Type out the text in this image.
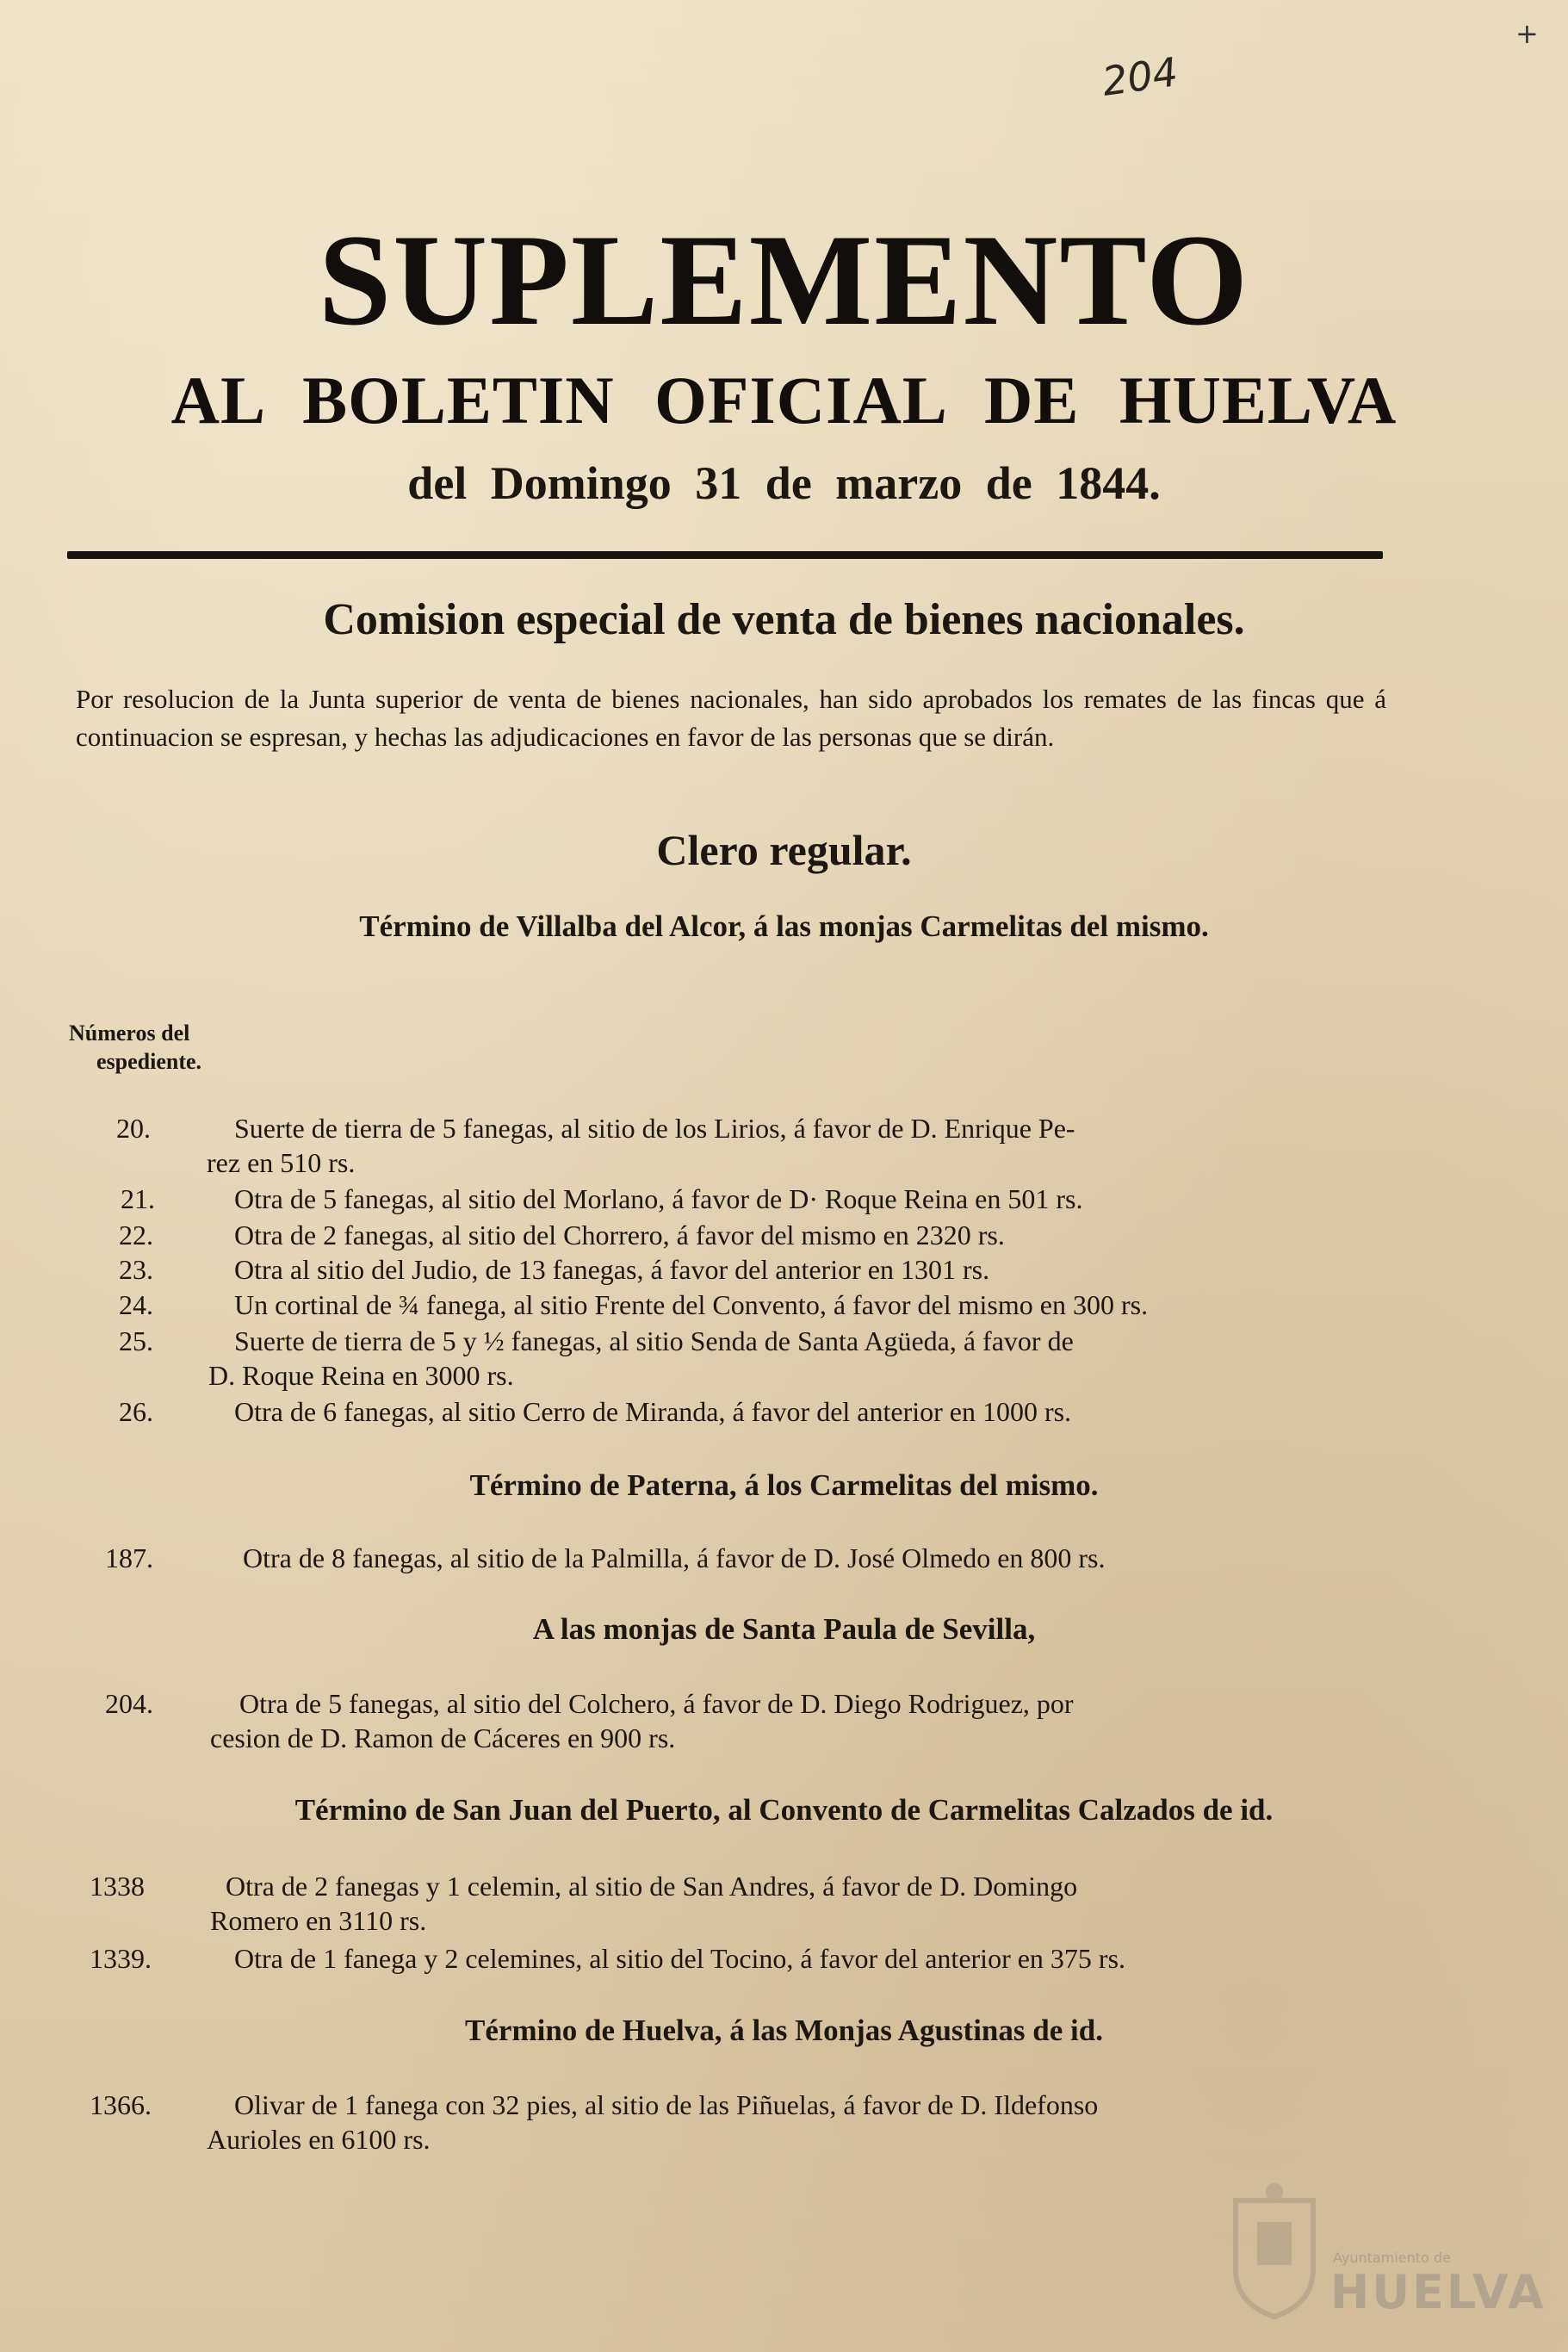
+
204
SUPLEMENTO
AL BOLETIN OFICIAL DE HUELVA
del Domingo 31 de marzo de 1844.
Comision especial de venta de bienes nacionales.
Por resolucion de la Junta superior de venta de bienes nacionales, han sido aprobados los remates de las fincas que á continuacion se espresan, y hechas las adjudicaciones en favor de las personas que se dirán.
Clero regular.
Término de Villalba del Alcor, á las monjas Carmelitas del mismo.
Números del
espediente.
20.	Suerte de tierra de 5 fanegas, al sitio de los Lirios, á favor de D. Enrique Pe-
rez en 510 rs.
21.	Otra de 5 fanegas, al sitio del Morlano, á favor de D· Roque Reina en 501 rs.
22.	Otra de 2 fanegas, al sitio del Chorrero, á favor del mismo en 2320 rs.
23.	Otra al sitio del Judio, de 13 fanegas, á favor del anterior en 1301 rs.
24.	Un cortinal de ¾ fanega, al sitio Frente del Convento, á favor del mismo en 300 rs.
25.	Suerte de tierra de 5 y ½ fanegas, al sitio Senda de Santa Agüeda, á favor de
D. Roque Reina en 3000 rs.
26.	Otra de 6 fanegas, al sitio Cerro de Miranda, á favor del anterior en 1000 rs.
Término de Paterna, á los Carmelitas del mismo.
187.	Otra de 8 fanegas, al sitio de la Palmilla, á favor de D. José Olmedo en 800 rs.
A las monjas de Santa Paula de Sevilla,
204.	Otra de 5 fanegas, al sitio del Colchero, á favor de D. Diego Rodriguez, por
cesion de D. Ramon de Cáceres en 900 rs.
Término de San Juan del Puerto, al Convento de Carmelitas Calzados de id.
1338	Otra de 2 fanegas y 1 celemin, al sitio de San Andres, á favor de D. Domingo
Romero en 3110 rs.
1339.	Otra de 1 fanega y 2 celemines, al sitio del Tocino, á favor del anterior en 375 rs.
Término de Huelva, á las Monjas Agustinas de id.
1366.	Olivar de 1 fanega con 32 pies, al sitio de las Piñuelas, á favor de D. Ildefonso
Aurioles en 6100 rs.
Ayuntamiento de
HUELVA
